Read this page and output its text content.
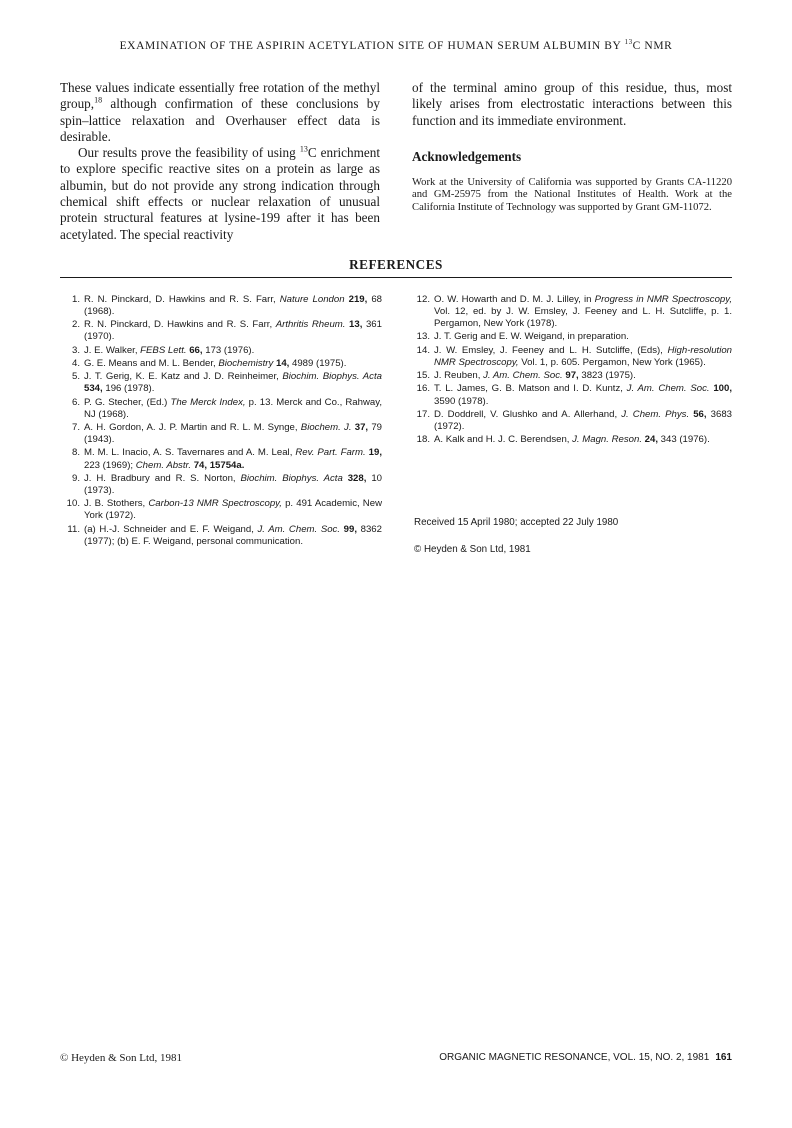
EXAMINATION OF THE ASPIRIN ACETYLATION SITE OF HUMAN SERUM ALBUMIN BY $^{13}$C NMR

These values indicate essentially free rotation of the methyl group,$^{18}$ although confirmation of these conclusions by spin–lattice relaxation and Overhauser effect data is desirable.

Our results prove the feasibility of using $^{13}$C enrichment to explore specific reactive sites on a protein as large as albumin, but do not provide any strong indication through chemical shift effects or nuclear relaxation of unusual protein structural features at lysine-199 after it has been acetylated. The special reactivity

of the terminal amino group of this residue, thus, most likely arises from electrostatic interactions between this function and its immediate environment.

Acknowledgements

Work at the University of California was supported by Grants CA-11220 and GM-25975 from the National Institutes of Health. Work at the California Institute of Technology was supported by Grant GM-11072.

REFERENCES
1. R. N. Pinckard, D. Hawkins and R. S. Farr, Nature London 219, 68 (1968).
2. R. N. Pinckard, D. Hawkins and R. S. Farr, Arthritis Rheum. 13, 361 (1970).
3. J. E. Walker, FEBS Lett. 66, 173 (1976).
4. G. E. Means and M. L. Bender, Biochemistry 14, 4989 (1975).
5. J. T. Gerig, K. E. Katz and J. D. Reinheimer, Biochim. Biophys. Acta 534, 196 (1978).
6. P. G. Stecher, (Ed.) The Merck Index, p. 13. Merck and Co., Rahway, NJ (1968).
7. A. H. Gordon, A. J. P. Martin and R. L. M. Synge, Biochem. J. 37, 79 (1943).
8. M. M. L. Inacio, A. S. Tavernares and A. M. Leal, Rev. Part. Farm. 19, 223 (1969); Chem. Abstr. 74, 15754a.
9. J. H. Bradbury and R. S. Norton, Biochim. Biophys. Acta 328, 10 (1973).
10. J. B. Stothers, Carbon-13 NMR Spectroscopy, p. 491 Academic, New York (1972).
11. (a) H.-J. Schneider and E. F. Weigand, J. Am. Chem. Soc. 99, 8362 (1977); (b) E. F. Weigand, personal communication.
12. O. W. Howarth and D. M. J. Lilley, in Progress in NMR Spectroscopy, Vol. 12, ed. by J. W. Emsley, J. Feeney and L. H. Sutcliffe, p. 1. Pergamon, New York (1978).
13. J. T. Gerig and E. W. Weigand, in preparation.
14. J. W. Emsley, J. Feeney and L. H. Sutcliffe, (Eds), High-resolution NMR Spectroscopy, Vol. 1, p. 605. Pergamon, New York (1965).
15. J. Reuben, J. Am. Chem. Soc. 97, 3823 (1975).
16. T. L. James, G. B. Matson and I. D. Kuntz, J. Am. Chem. Soc. 100, 3590 (1978).
17. D. Doddrell, V. Glushko and A. Allerhand, J. Chem. Phys. 56, 3683 (1972).
18. A. Kalk and H. J. C. Berendsen, J. Magn. Reson. 24, 343 (1976).
Received 15 April 1980; accepted 22 July 1980
© Heyden & Son Ltd, 1981
© Heyden & Son Ltd, 1981	ORGANIC MAGNETIC RESONANCE, VOL. 15, NO. 2, 1981 161
